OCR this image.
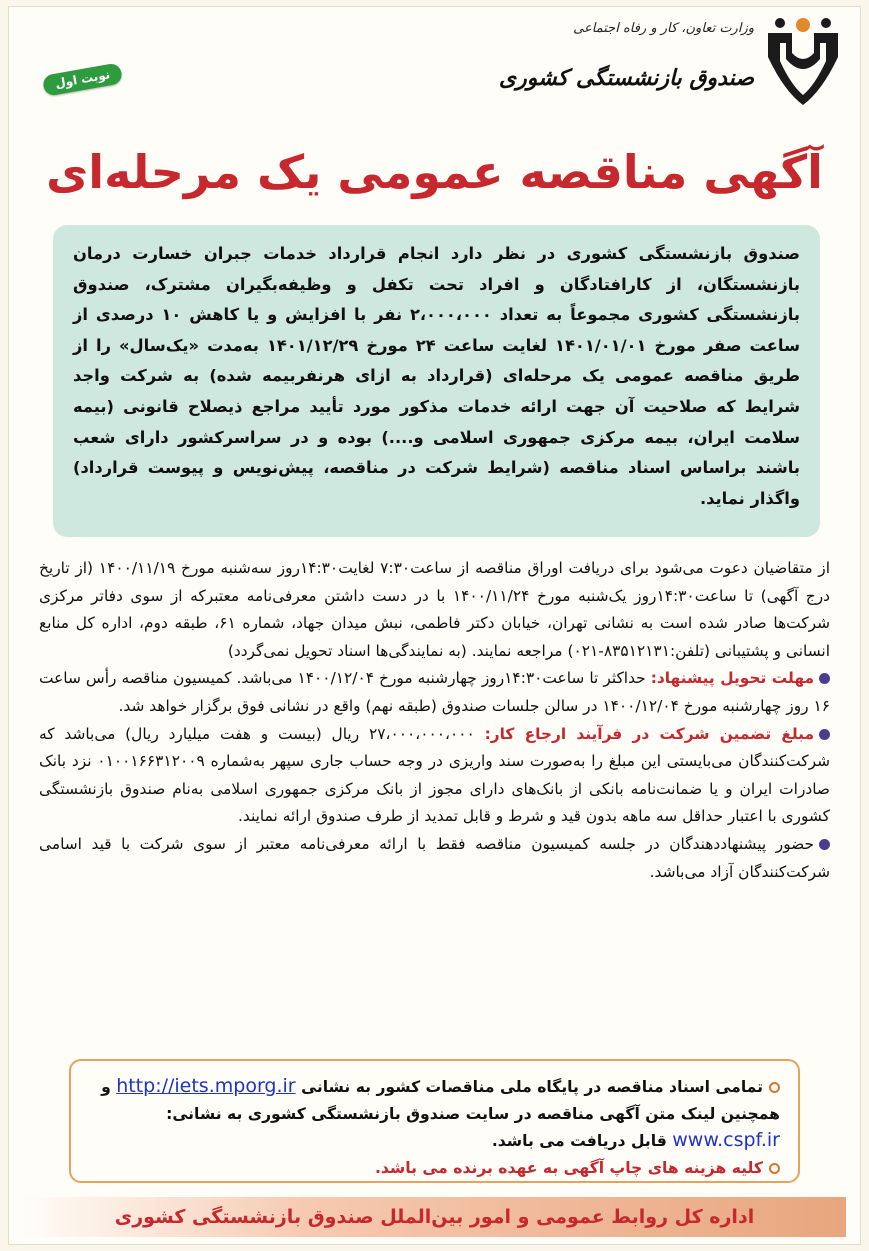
وزارت تعاون، کار و رفاه اجتماعی
صندوق بازنشستگی کشوری
نوبت اول
آگهی مناقصه عمومی یک مرحله‌ای
صندوق بازنشستگی کشوری در نظر دارد انجام قرارداد خدمات جبران خسارت درمان بازنشستگان، از کارافتادگان و افراد تحت تکفل و وظیفه‌بگیران مشترک، صندوق بازنشستگی کشوری مجموعاً به تعداد ۲،۰۰۰،۰۰۰ نفر با افزایش و یا کاهش ۱۰ درصدی از ساعت صفر مورخ ۱۴۰۱/۰۱/۰۱ لغایت ساعت ۲۴ مورخ ۱۴۰۱/۱۲/۲۹ به‌مدت «یک‌سال» را از طریق مناقصه عمومی یک مرحله‌ای (قرارداد به ازای هرنفربیمه شده) به شرکت واجد شرایط که صلاحیت آن جهت ارائه خدمات مذکور مورد تأیید مراجع ذیصلاح قانونی (بیمه سلامت ایران، بیمه مرکزی جمهوری اسلامی و....) بوده و در سراسرکشور دارای شعب باشند براساس اسناد مناقصه (شرایط شرکت در مناقصه، پیش‌نویس و پیوست قرارداد) واگذار نماید.

از متقاضیان دعوت می‌شود برای دریافت اوراق مناقصه از ساعت۷:۳۰ لغایت۱۴:۳۰روز سه‌شنبه مورخ ۱۴۰۰/۱۱/۱۹ (از تاریخ درج آگهی) تا ساعت۱۴:۳۰روز یک‌شنبه مورخ ۱۴۰۰/۱۱/۲۴ با در دست داشتن معرفی‌نامه معتبرکه از سوی دفاتر مرکزی شرکت‌ها صادر شده است به نشانی تهران، خیابان دکتر فاطمی، نبش میدان جهاد، شماره ۶۱، طبقه دوم، اداره کل منابع انسانی و پشتیبانی (تلفن:۸۳۵۱۲۱۳۱-۰۲۱) مراجعه نمایند. (به نمایندگی‌ها اسناد تحویل نمی‌گردد)

مهلت تحویل پیشنهاد: حداکثر تا ساعت۱۴:۳۰روز چهارشنبه مورخ ۱۴۰۰/۱۲/۰۴ می‌باشد. کمیسیون مناقصه رأس ساعت ۱۶ روز چهارشنبه مورخ ۱۴۰۰/۱۲/۰۴ در سالن جلسات صندوق (طبقه نهم) واقع در نشانی فوق برگزار خواهد شد.

مبلغ تضمین شرکت در فرآیند ارجاع کار: ۲۷،۰۰۰،۰۰۰،۰۰۰ ریال (بیست و هفت میلیارد ریال) می‌باشد که شرکت‌کنندگان می‌بایستی این مبلغ را به‌صورت سند واریزی در وجه حساب جاری سپهر به‌شماره ۰۱۰۰۱۶۶۳۱۲۰۰۹ نزد بانک صادرات ایران و یا ضمانت‌نامه بانکی از بانک‌های دارای مجوز از بانک مرکزی جمهوری اسلامی به‌نام صندوق بازنشستگی کشوری با اعتبار حداقل سه ماهه بدون قید و شرط و قابل تمدید از طرف صندوق ارائه نمایند.

حضور پیشنهاددهندگان در جلسه کمیسیون مناقصه فقط با ارائه معرفی‌نامه معتبر از سوی شرکت با قید اسامی شرکت‌کنندگان آزاد می‌باشد.

تمامی اسناد مناقصه در پایگاه ملی مناقصات کشور به نشانی http://iets.mporg.ir و همچنین لینک متن آگهی مناقصه در سایت صندوق بازنشستگی کشوری به نشانی: www.cspf.ir قابل دریافت می باشد.
کلیه هزینه های چاپ آگهی به عهده برنده می باشد.
اداره کل روابط عمومی و امور بین‌الملل صندوق بازنشستگی کشوری
